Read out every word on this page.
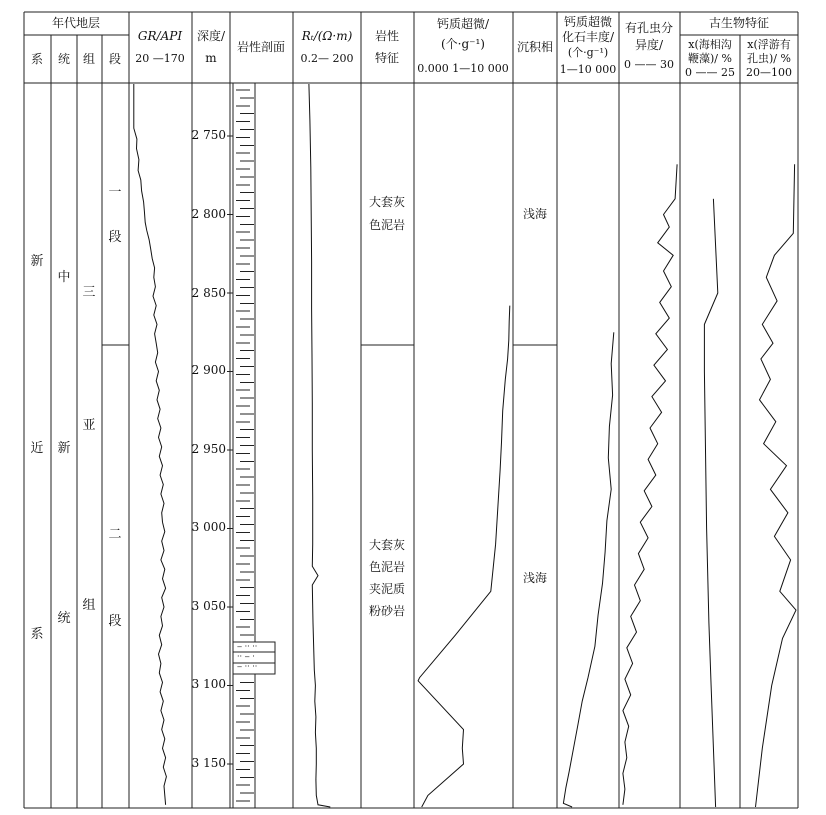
年代地层
系 统 组 段
GR/API
20 —170
深度/
m
岩性剖面
Rₜ/(Ω·m)
0.2— 200
岩性
特征
钙质超微/
(个·g⁻¹)
0.000 1—10 000
沉积相
钙质超微
化石丰度/
(个·g⁻¹)
1—10 000
有孔虫分
异度/
0 —— 30
古生物特征
x(海相沟
鞭藻)/ %
0 —— 25
x(浮游有
孔虫)/ %
20—100
新
近
系
中
新
统
三
亚
组
一
段
二
段
大套灰
色泥岩
大套灰
色泥岩
夹泥质
粉砂岩
浅海
浅海
2 750
2 800
2 850
2 900
2 950
3 000
3 050
3 100
3 150
‒ ·· ··
·· ‒ ·
‒ ·· ··
